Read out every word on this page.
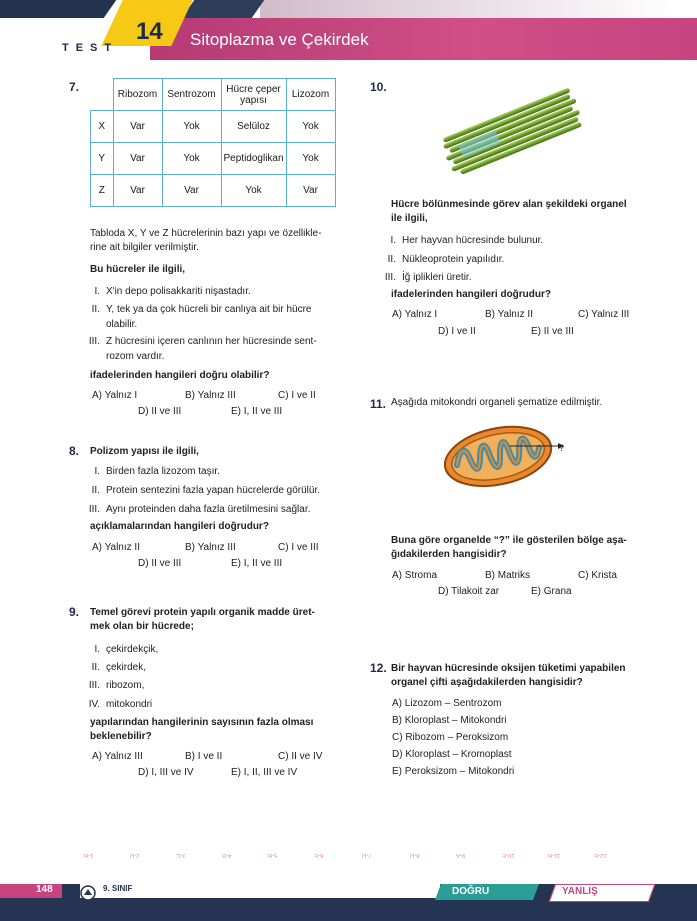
TEST
14 Sitoplazma ve Çekirdek
7.
	Ribozom	Sentrozom	Hücre çeper yapısı	Lizozom
X	Var	Yok	Selüloz	Yok
Y	Var	Yok	Peptidoglikan	Yok
Z	Var	Var	Yok	Var
Tabloda X, Y ve Z hücrelerinin bazı yapı ve özellikle-
rine ait bilgiler verilmiştir.
Bu hücreler ile ilgili,
I. X'in depo polisakkariti nişastadır.
II. Y, tek ya da çok hücreli bir canlıya ait bir hücre
olabilir.
III. Z hücresini içeren canlının her hücresinde sent-
rozom vardır.
ifadelerinden hangileri doğru olabilir?
A) Yalnız I	B) Yalnız III	C) I ve II
D) II ve III	E) I, II ve III
8. Polizom yapısı ile ilgili,
I. Birden fazla lizozom taşır.
II. Protein sentezini fazla yapan hücrelerde görülür.
III. Aynı proteinden daha fazla üretilmesini sağlar.
açıklamalarından hangileri doğrudur?
A) Yalnız II	B) Yalnız III	C) I ve III
D) II ve III	E) I, II ve III
9. Temel görevi protein yapılı organik madde üret-
mek olan bir hücrede;
I. çekirdekçik,
II. çekirdek,
III. ribozom,
IV. mitokondri
yapılarından hangilerinin sayısının fazla olması
beklenebilir?
A) Yalnız III	B) I ve II	C) II ve IV
D) I, III ve IV	E) I, II, III ve IV
10.
Hücre bölünmesinde görev alan şekildeki organel
ile ilgili,
I. Her hayvan hücresinde bulunur.
II. Nükleoprotein yapılıdır.
III. İğ iplikleri üretir.
ifadelerinden hangileri doğrudur?
A) Yalnız I	B) Yalnız II	C) Yalnız III
D) I ve II	E) II ve III
11. Aşağıda mitokondri organeli şematize edilmiştir.
?
Buna göre organelde “?” ile gösterilen bölge aşa-
ğıdakilerden hangisidir?
A) Stroma	B) Matriks	C) Krista
D) Tilakoit zar	E) Grana
12. Bir hayvan hücresinde oksijen tüketimi yapabilen
organel çifti aşağıdakilerden hangisidir?
A) Lizozom – Sentrozom
B) Kloroplast – Mitokondri
C) Ribozom – Peroksizom
D) Kloroplast – Kromoplast
E) Peroksizom – Mitokondri
1-B	2-D	3-C	4-B	5-B	6-E	7-D	8-D	9-A	10-E	11-B	12-E
148	9. SINIF	DOĞRU	YANLIŞ
